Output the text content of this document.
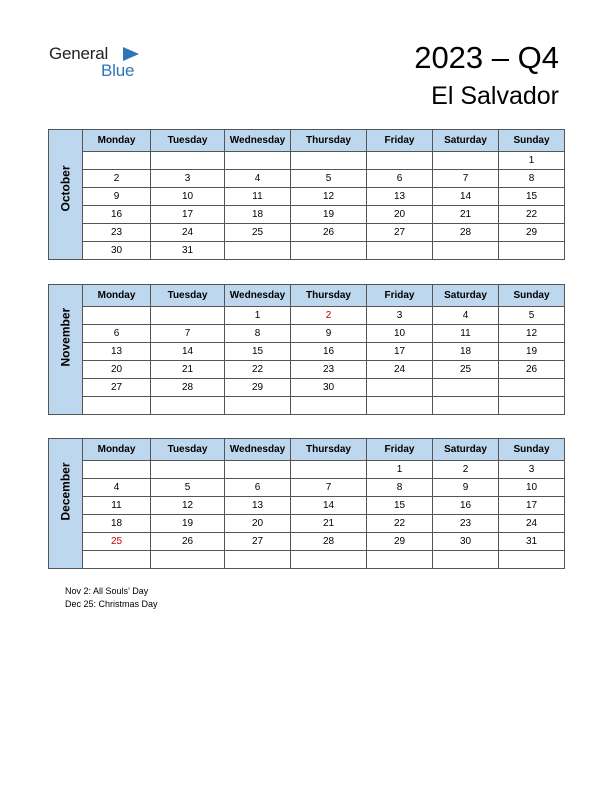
General
Blue	2023 – Q4
El Salvador
October	Monday	Tuesday	Wednesday	Thursday	Friday	Saturday	Sunday
							1
	2	3	4	5	6	7	8
	9	10	11	12	13	14	15
	16	17	18	19	20	21	22
	23	24	25	26	27	28	29
	30	31					
November	Monday	Tuesday	Wednesday	Thursday	Friday	Saturday	Sunday
			1	2	3	4	5
	6	7	8	9	10	11	12
	13	14	15	16	17	18	19
	20	21	22	23	24	25	26
	27	28	29	30			

December	Monday	Tuesday	Wednesday	Thursday	Friday	Saturday	Sunday
					1	2	3
	4	5	6	7	8	9	10
	11	12	13	14	15	16	17
	18	19	20	21	22	23	24
	25	26	27	28	29	30	31

Nov 2: All Souls’ Day
Dec 25: Christmas Day
